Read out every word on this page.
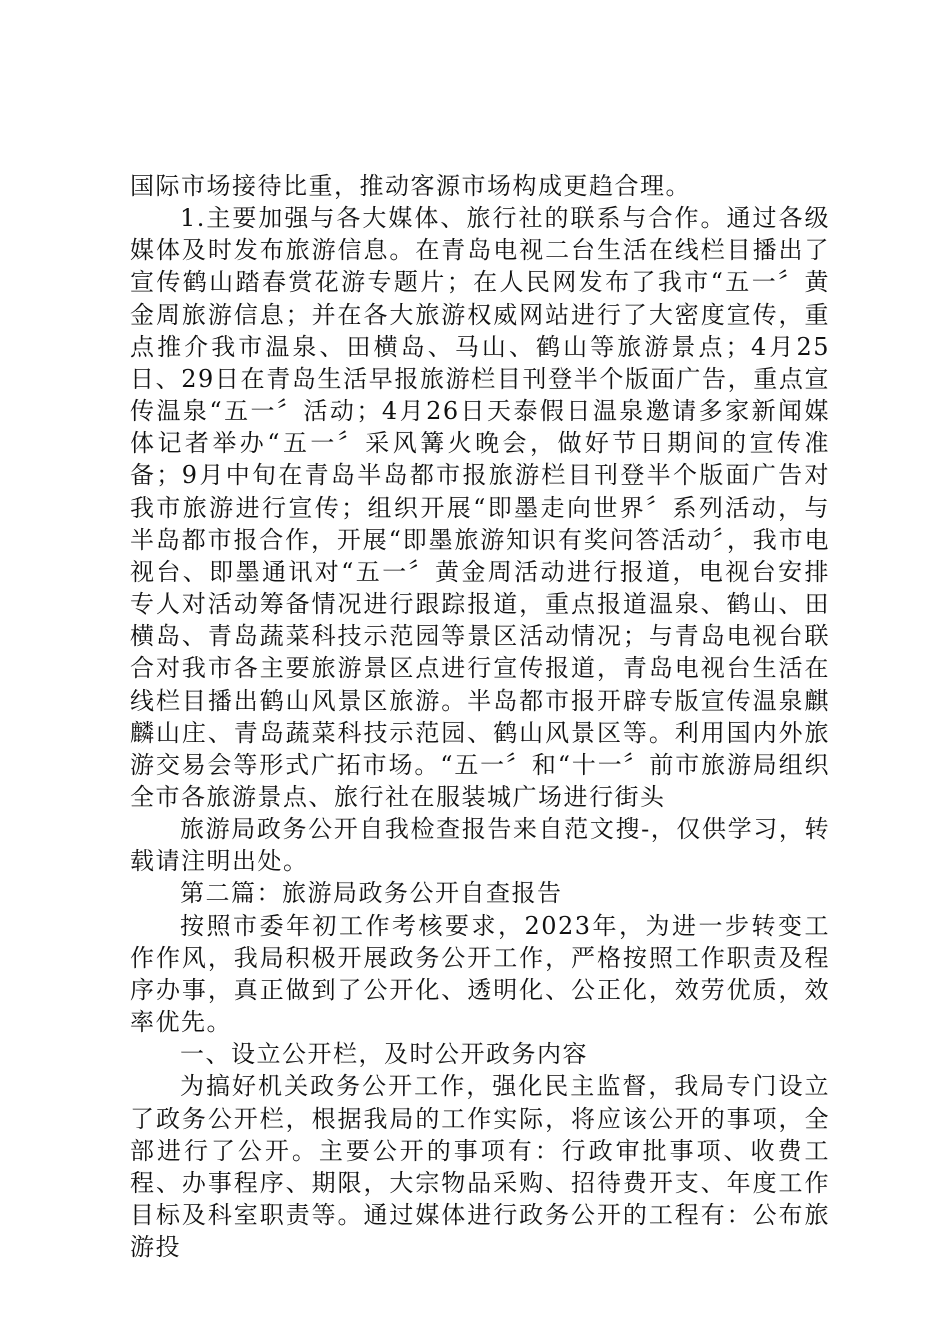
国际市场接待比重，推动客源市场构成更趋合理。

1.主要加强与各大媒体、旅行社的联系与合作。通过各级媒体及时发布旅游信息。在青岛电视二台生活在线栏目播出了宣传鹤山踏春赏花游专题片；在人民网发布了我市“五一〞黄金周旅游信息；并在各大旅游权威网站进行了大密度宣传，重点推介我市温泉、田横岛、马山、鹤山等旅游景点；4月25日、29日在青岛生活早报旅游栏目刊登半个版面广告，重点宣传温泉“五一〞活动；4月26日天泰假日温泉邀请多家新闻媒体记者举办“五一〞采风篝火晚会，做好节日期间的宣传准备；9月中旬在青岛半岛都市报旅游栏目刊登半个版面广告对我市旅游进行宣传；组织开展“即墨走向世界〞系列活动，与半岛都市报合作，开展“即墨旅游知识有奖问答活动〞，我市电视台、即墨通讯对“五一〞黄金周活动进行报道，电视台安排专人对活动筹备情况进行跟踪报道，重点报道温泉、鹤山、田横岛、青岛蔬菜科技示范园等景区活动情况；与青岛电视台联合对我市各主要旅游景区点进行宣传报道，青岛电视台生活在线栏目播出鹤山风景区旅游。半岛都市报开辟专版宣传温泉麒麟山庄、青岛蔬菜科技示范园、鹤山风景区等。利用国内外旅游交易会等形式广拓市场。“五一〞和“十一〞前市旅游局组织全市各旅游景点、旅行社在服装城广场进行街头

旅游局政务公开自我检查报告来自范文搜-，仅供学习，转载请注明出处。

第二篇：旅游局政务公开自查报告

按照市委年初工作考核要求，2023年，为进一步转变工作作风，我局积极开展政务公开工作，严格按照工作职责及程序办事，真正做到了公开化、透明化、公正化，效劳优质，效率优先。

一、设立公开栏，及时公开政务内容

为搞好机关政务公开工作，强化民主监督，我局专门设立了政务公开栏，根据我局的工作实际，将应该公开的事项，全部进行了公开。主要公开的事项有：行政审批事项、收费工程、办事程序、期限，大宗物品采购、招待费开支、年度工作目标及科室职责等。通过媒体进行政务公开的工程有：公布旅游投
